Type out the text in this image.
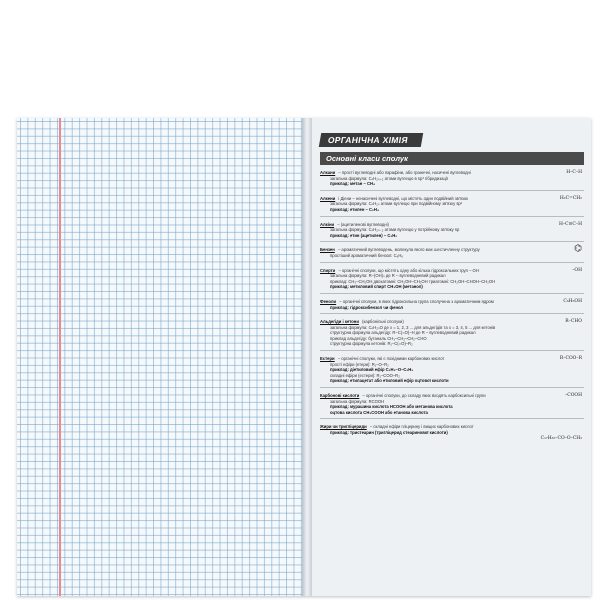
ОРГАНІЧНА ХІМІЯ
Основні класи сполук
Алкани – прості вуглеводні або парафіни, або граничні, насичені вуглеводні
загальна формула: CₙH₂ₙ₊₂ атоми вуглецю в sp³ гібридизації
приклад: метан – CH₄
H–C–H
Алкени і Діени – ненасичені вуглеводні, що містять один подвійний зв'язок
загальна формула: CₙH₂ₙ атоми вуглецю при подвійному зв'язку sp²
приклад: етилен – C₂H₄
H₂C=CH₂
Алкіни – (ацетиленові вуглеводні)
загальна формула: CₙH₂ₙ₋₂ атоми вуглецю у потрійному зв'язку sp
приклад: етин (ацетилен) – C₂H₂
H–C≡C–H
Бензен – ароматичний вуглеводень, молекула якого має шестичленну структуру
простіший ароматичний бензол: C₆H₆
⌬
Спирти – органічні сполуки, що містять одну або кілька гідроксильних груп – OH
загальна формула: R–(OH)ₙ де R – вуглеводневий радикал
приклад: CH₃–CH₂OH двохатомні: CH₂OH–CH₂OH триатомні: CH₂OH–CHOH–CH₂OH
приклад: метиловий спирт CH₃OH (метанол)
–OH
Феноли – органічні сполуки, в яких гідроксильна група сполучена з ароматичним ядром
приклад: гідроксибензол чи фенол
C₆H₅OH
Альдегіди і кетони (карбонільні сполуки)
загальна формула: CₙH₂ₙO де x = 1, 2, 3 ... для альдегідів та x = 3, 4, 5 ... для кетонів
структурна формула альдегіду: R–C(=O)–H де R – вуглеводневий радикал
приклад альдегіду: бутаналь CH₃–CH₂–CH₂–CHO
структурна формула кетонів: R₁–C(=O)–R₂
R–CHO
Естери – органічні сполуки, які є похідними карбонових кислот
прості ефіри (етери): R₁–O–R₂
приклад: діетиловий ефір C₂H₅–O–C₂H₅
складні ефіри (естери): R₁–COO–R₂
приклад: етилацетат або етиловий ефір оцтової кислоти
R–COO–R
Карбонові кислоти – органічні сполуки, до складу яких входять карбоксильні групи
загальна формула: RCOOH
приклад: мурашина кислота HCOOH або метанова кислота
оцтова кислота CH₃COOH або етанова кислота
–COOH
Жири чи тригліцериди – складні ефіри гліцерину і вищих карбонових кислот
приклад: тристеарин (тригліцерид стеаринової кислоти)
C₁₇H₃₅–CO–O–CH₂
